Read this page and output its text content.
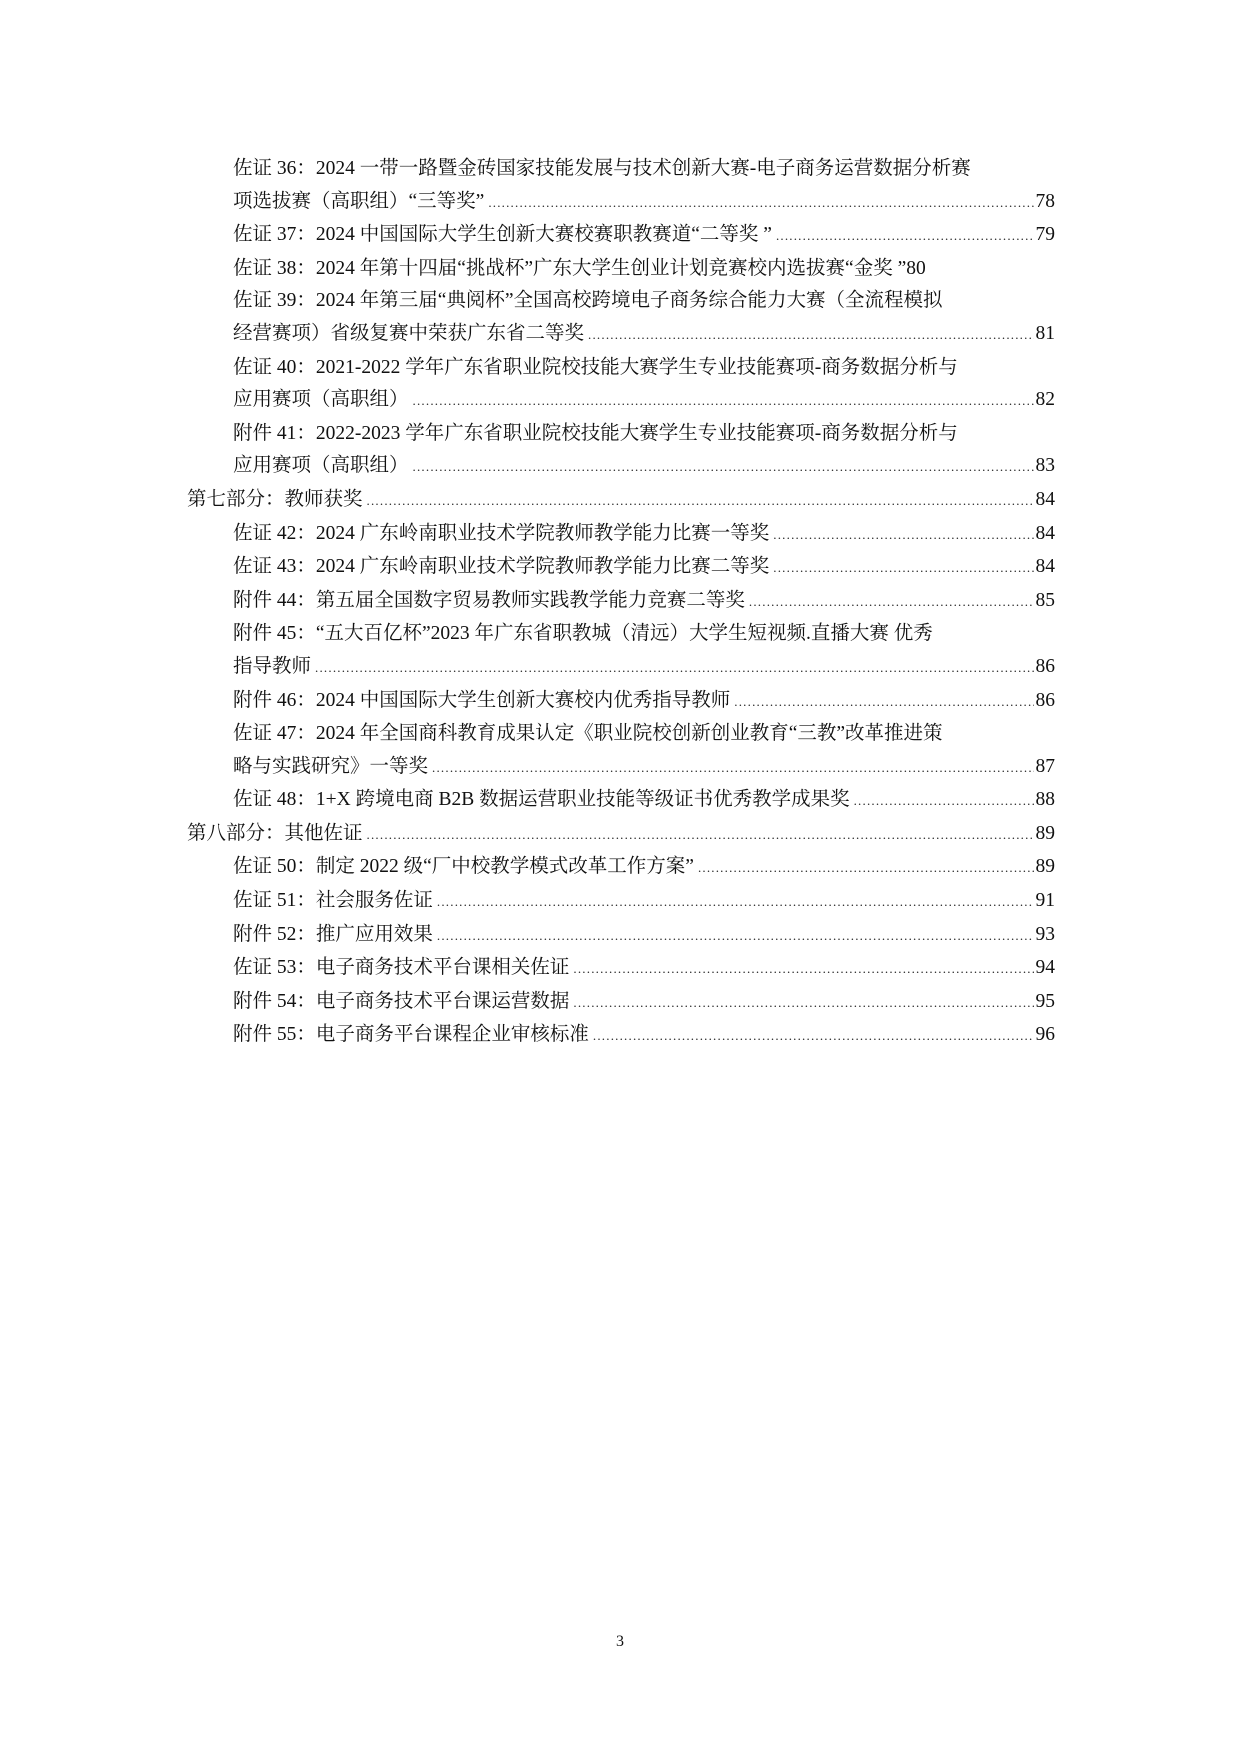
佐证 36：2024 一带一路暨金砖国家技能发展与技术创新大赛-电子商务运营数据分析赛
项选拔赛（高职组）“三等奖” .....	78
佐证 37：2024 中国国际大学生创新大赛校赛职教赛道“二等奖 ” .....	79
佐证 38：2024 年第十四届“挑战杯”广东大学生创业计划竞赛校内选拔赛“金奖 ” 80
佐证 39：2024 年第三届“典阅杯”全国高校跨境电子商务综合能力大赛（全流程模拟
经营赛项）省级复赛中荣获广东省二等奖 .....	81
佐证 40：2021-2022 学年广东省职业院校技能大赛学生专业技能赛项-商务数据分析与
应用赛项（高职组） .....	82
附件 41：2022-2023 学年广东省职业院校技能大赛学生专业技能赛项-商务数据分析与
应用赛项（高职组） .....	83
第七部分：教师获奖 .....	84
佐证 42：2024 广东岭南职业技术学院教师教学能力比赛一等奖 .....	84
佐证 43：2024 广东岭南职业技术学院教师教学能力比赛二等奖 .....	84
附件 44：第五届全国数字贸易教师实践教学能力竞赛二等奖 .....	85
附件 45：“五大百亿杯”2023 年广东省职教城（清远）大学生短视频.直播大赛 优秀
指导教师 .....	86
附件 46：2024 中国国际大学生创新大赛校内优秀指导教师 .....	86
佐证 47：2024 年全国商科教育成果认定《职业院校创新创业教育“三教”改革推进策
略与实践研究》一等奖 .....	87
佐证 48：1+X 跨境电商 B2B 数据运营职业技能等级证书优秀教学成果奖 .....	88
第八部分：其他佐证 .....	89
佐证 50：制定 2022 级“厂中校教学模式改革工作方案” .....	89
佐证 51：社会服务佐证 .....	91
附件 52：推广应用效果 .....	93
佐证 53：电子商务技术平台课相关佐证 .....	94
附件 54：电子商务技术平台课运营数据 .....	95
附件 55：电子商务平台课程企业审核标准 .....	96
3
